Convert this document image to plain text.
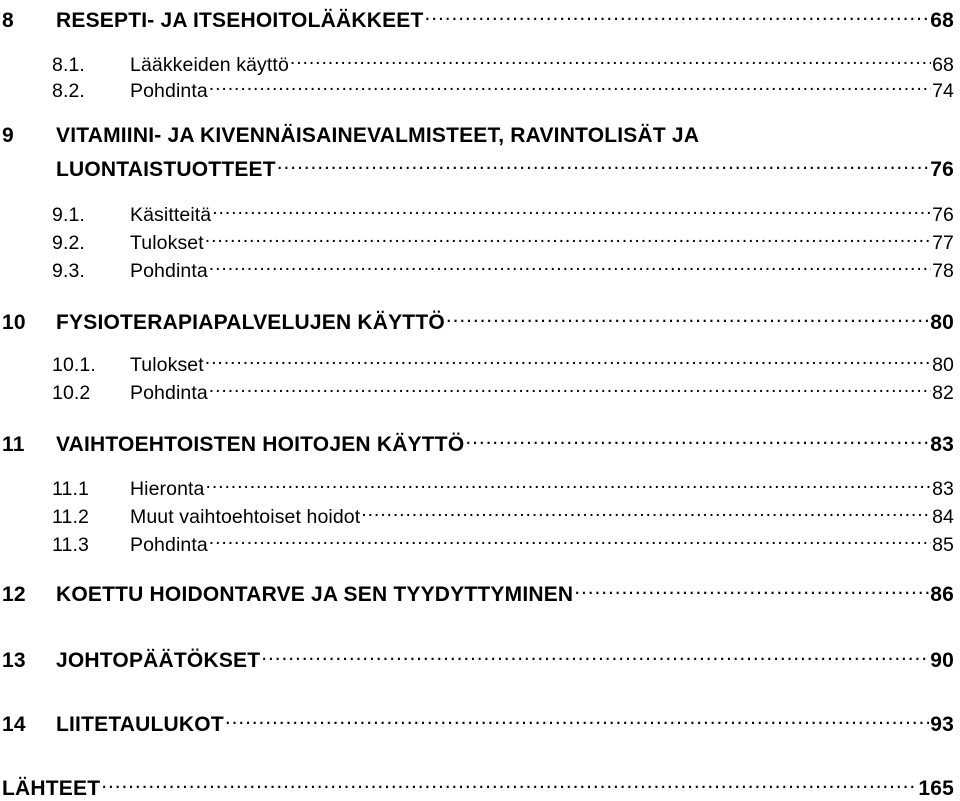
8	RESEPTI- JA ITSEHOITOLÄÄKKEET .....	68
8.1.	Lääkkeiden käyttö .....	68
8.2.	Pohdinta .....	74
9	VITAMIINI- JA KIVENNÄISAINEVALMISTEET, RAVINTOLISÄT JA
LUONTAISTUOTTEET .....	76
9.1.	Käsitteitä .....	76
9.2.	Tulokset .....	77
9.3.	Pohdinta .....	78
10	FYSIOTERAPIAPALVELUJEN KÄYTTÖ .....	80
10.1.	Tulokset .....	80
10.2	Pohdinta .....	82
11	VAIHTOEHTOISTEN HOITOJEN KÄYTTÖ .....	83
11.1	Hieronta .....	83
11.2	Muut vaihtoehtoiset hoidot .....	84
11.3	Pohdinta .....	85
12	KOETTU HOIDONTARVE JA SEN TYYDYTTYMINEN .....	86
13	JOHTOPÄÄTÖKSET .....	90
14	LIITETAULUKOT .....	93
LÄHTEET .....	165
